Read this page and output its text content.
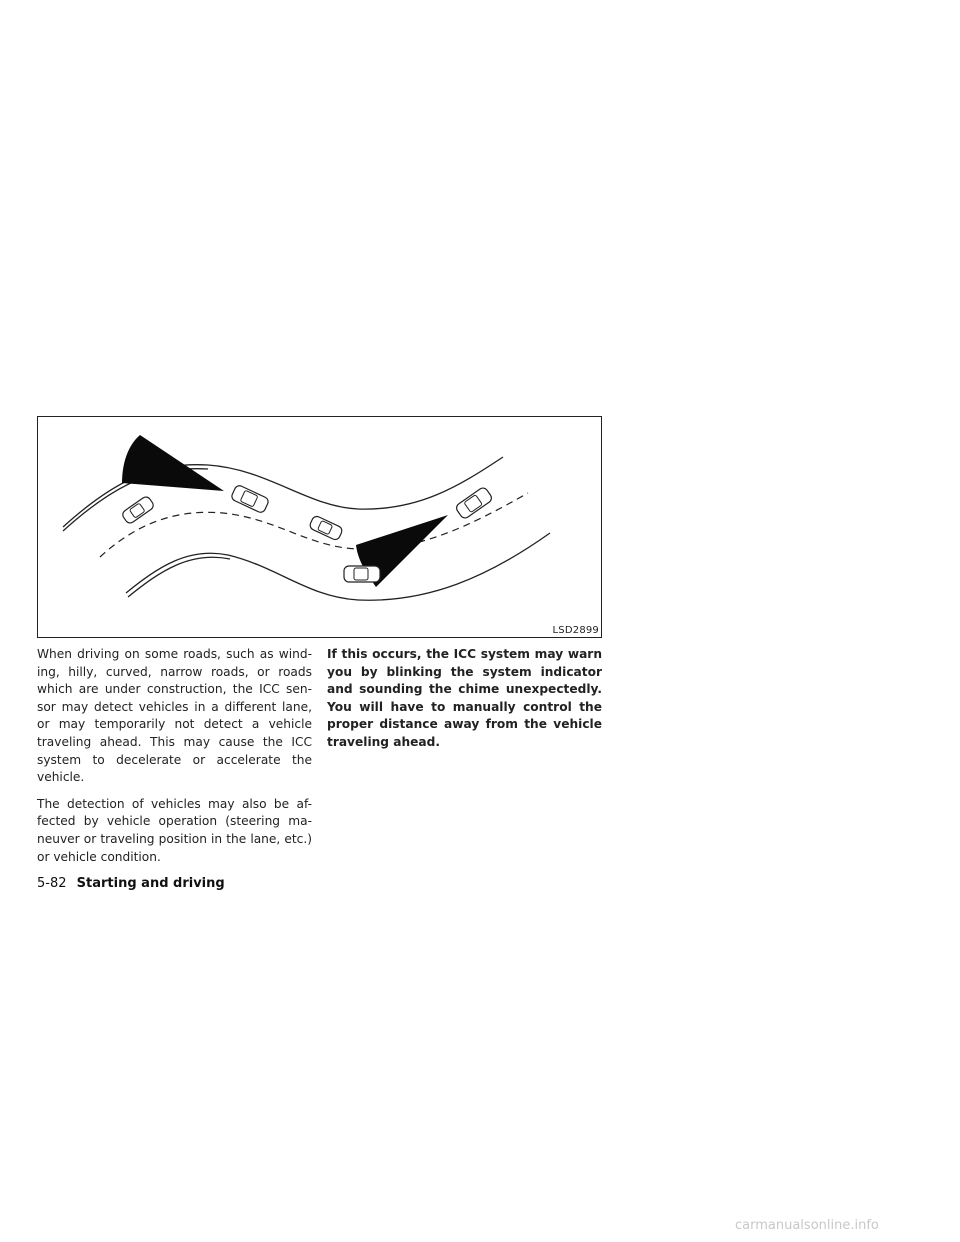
LSD2899

When driving on some roads, such as wind-ing, hilly, curved, narrow roads, or roads which are under construction, the ICC sen-sor may detect vehicles in a different lane, or may temporarily not detect a vehicle traveling ahead. This may cause the ICC system to decelerate or accelerate the vehicle.

The detection of vehicles may also be af-fected by vehicle operation (steering ma-neuver or traveling position in the lane, etc.) or vehicle condition.

If this occurs, the ICC system may warn you by blinking the system indicator and sounding the chime unexpectedly. You will have to manually control the proper distance away from the vehicle traveling ahead.

5-82 Starting and driving
carmanualsonline.info
